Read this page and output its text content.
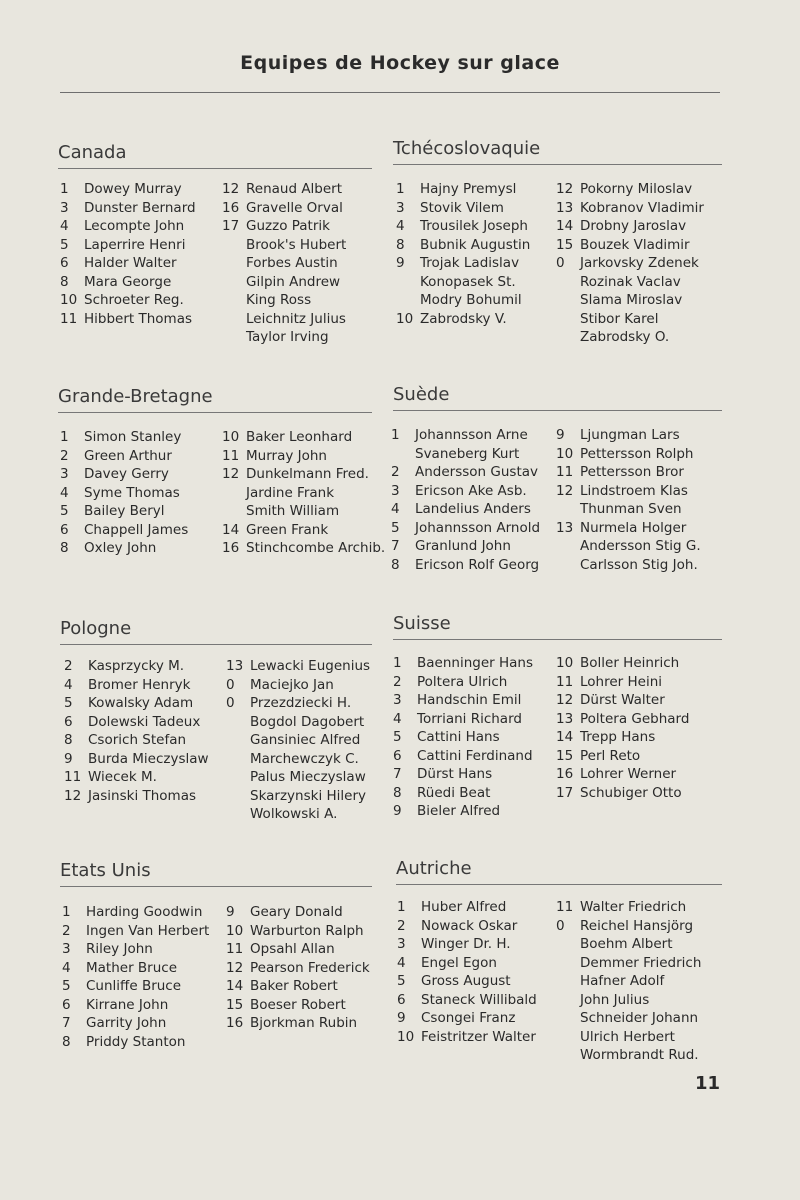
Equipes de Hockey sur glace
Canada
1 Dowey Murray
3 Dunster Bernard
4 Lecompte John
5 Laperrire Henri
6 Halder Walter
8 Mara George
10 Schroeter Reg.
11 Hibbert Thomas
12 Renaud Albert
16 Gravelle Orval
17 Guzzo Patrik
Brook's Hubert
Forbes Austin
Gilpin Andrew
King Ross
Leichnitz Julius
Taylor Irving
Tchécoslovaquie
1 Hajny Premysl
3 Stovik Vilem
4 Trousilek Joseph
8 Bubnik Augustin
9 Trojak Ladislav
Konopasek St.
Modry Bohumil
10 Zabrodsky V.
12 Pokorny Miloslav
13 Kobranov Vladimir
14 Drobny Jaroslav
15 Bouzek Vladimir
0 Jarkovsky Zdenek
Rozinak Vaclav
Slama Miroslav
Stibor Karel
Zabrodsky O.
Grande-Bretagne
1 Simon Stanley
2 Green Arthur
3 Davey Gerry
4 Syme Thomas
5 Bailey Beryl
6 Chappell James
8 Oxley John
10 Baker Leonhard
11 Murray John
12 Dunkelmann Fred.
Jardine Frank
Smith William
14 Green Frank
16 Stinchcombe Archib.
Suède
1 Johannsson Arne
Svaneberg Kurt
2 Andersson Gustav
3 Ericson Ake Asb.
4 Landelius Anders
5 Johannsson Arnold
7 Granlund John
8 Ericson Rolf Georg
9 Ljungman Lars
10 Pettersson Rolph
11 Pettersson Bror
12 Lindstroem Klas
Thunman Sven
13 Nurmela Holger
Andersson Stig G.
Carlsson Stig Joh.
Pologne
2 Kasprzycky M.
4 Bromer Henryk
5 Kowalsky Adam
6 Dolewski Tadeux
8 Csorich Stefan
9 Burda Mieczyslaw
11 Wiecek M.
12 Jasinski Thomas
13 Lewacki Eugenius
0 Maciejko Jan
0 Przezdziecki H.
Bogdol Dagobert
Gansiniec Alfred
Marchewczyk C.
Palus Mieczyslaw
Skarzynski Hilery
Wolkowski A.
Suisse
1 Baenninger Hans
2 Poltera Ulrich
3 Handschin Emil
4 Torriani Richard
5 Cattini Hans
6 Cattini Ferdinand
7 Dürst Hans
8 Rüedi Beat
9 Bieler Alfred
10 Boller Heinrich
11 Lohrer Heini
12 Dürst Walter
13 Poltera Gebhard
14 Trepp Hans
15 Perl Reto
16 Lohrer Werner
17 Schubiger Otto
Etats Unis
1 Harding Goodwin
2 Ingen Van Herbert
3 Riley John
4 Mather Bruce
5 Cunliffe Bruce
6 Kirrane John
7 Garrity John
8 Priddy Stanton
9 Geary Donald
10 Warburton Ralph
11 Opsahl Allan
12 Pearson Frederick
14 Baker Robert
15 Boeser Robert
16 Bjorkman Rubin
Autriche
1 Huber Alfred
2 Nowack Oskar
3 Winger Dr. H.
4 Engel Egon
5 Gross August
6 Staneck Willibald
9 Csongei Franz
10 Feistritzer Walter
11 Walter Friedrich
0 Reichel Hansjörg
Boehm Albert
Demmer Friedrich
Hafner Adolf
John Julius
Schneider Johann
Ulrich Herbert
Wormbrandt Rud.
11
